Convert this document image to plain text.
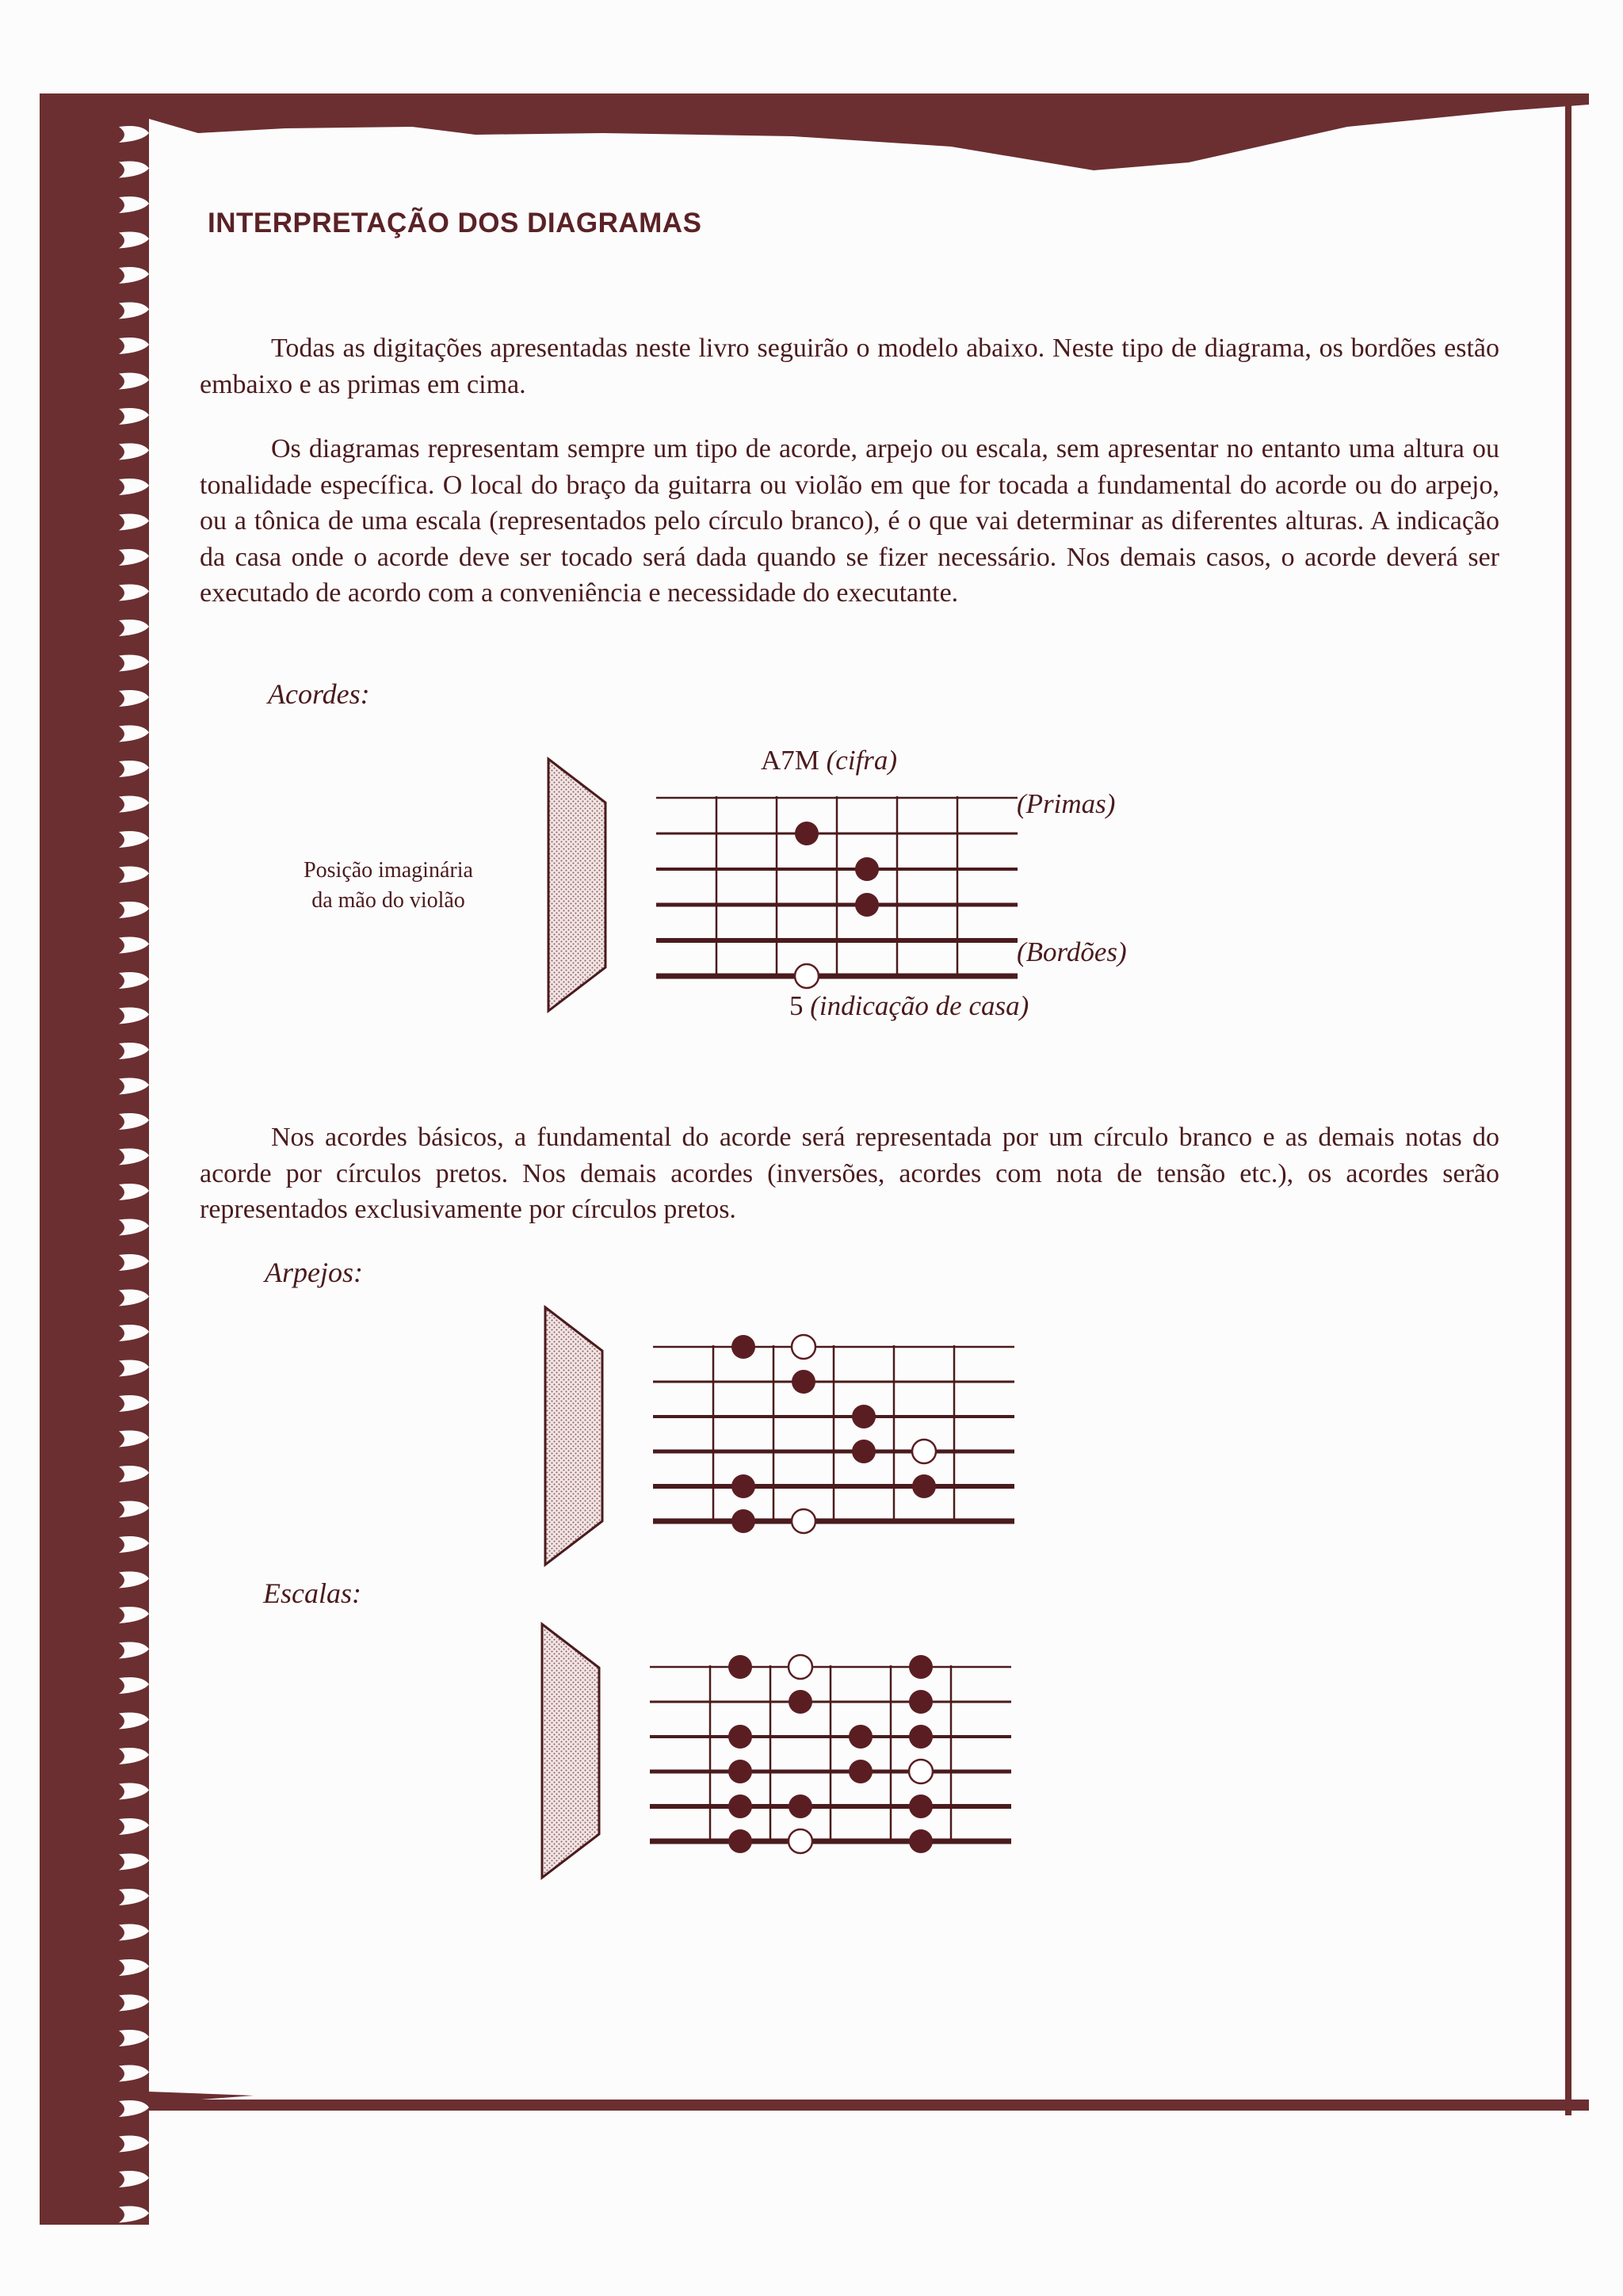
INTERPRETAÇÃO DOS DIAGRAMAS

Todas as digitações apresentadas neste livro seguirão o modelo abaixo. Neste tipo de diagrama, os bordões estão embaixo e as primas em cima.

Os diagramas representam sempre um tipo de acorde, arpejo ou escala, sem apresentar no entanto uma altura ou tonalidade específica. O local do braço da guitarra ou violão em que for tocada a fundamental do acorde ou do arpejo, ou a tônica de uma escala (representados pelo círculo branco), é o que vai determinar as diferentes alturas. A indicação da casa onde o acorde deve ser tocado será dada quando se fizer necessário. Nos demais casos, o acorde deverá ser executado de acordo com a conveniência e necessidade do executante.

Acordes:

Posição imaginária
da mão do violão

A7M (cifra)

(Primas)

(Bordões)

5 (indicação de casa)

Nos acordes básicos, a fundamental do acorde será representada por um círculo branco e as demais notas do acorde por círculos pretos. Nos demais acordes (inversões, acordes com nota de tensão etc.), os acordes serão representados exclusivamente por círculos pretos.

Arpejos:

Escalas:
